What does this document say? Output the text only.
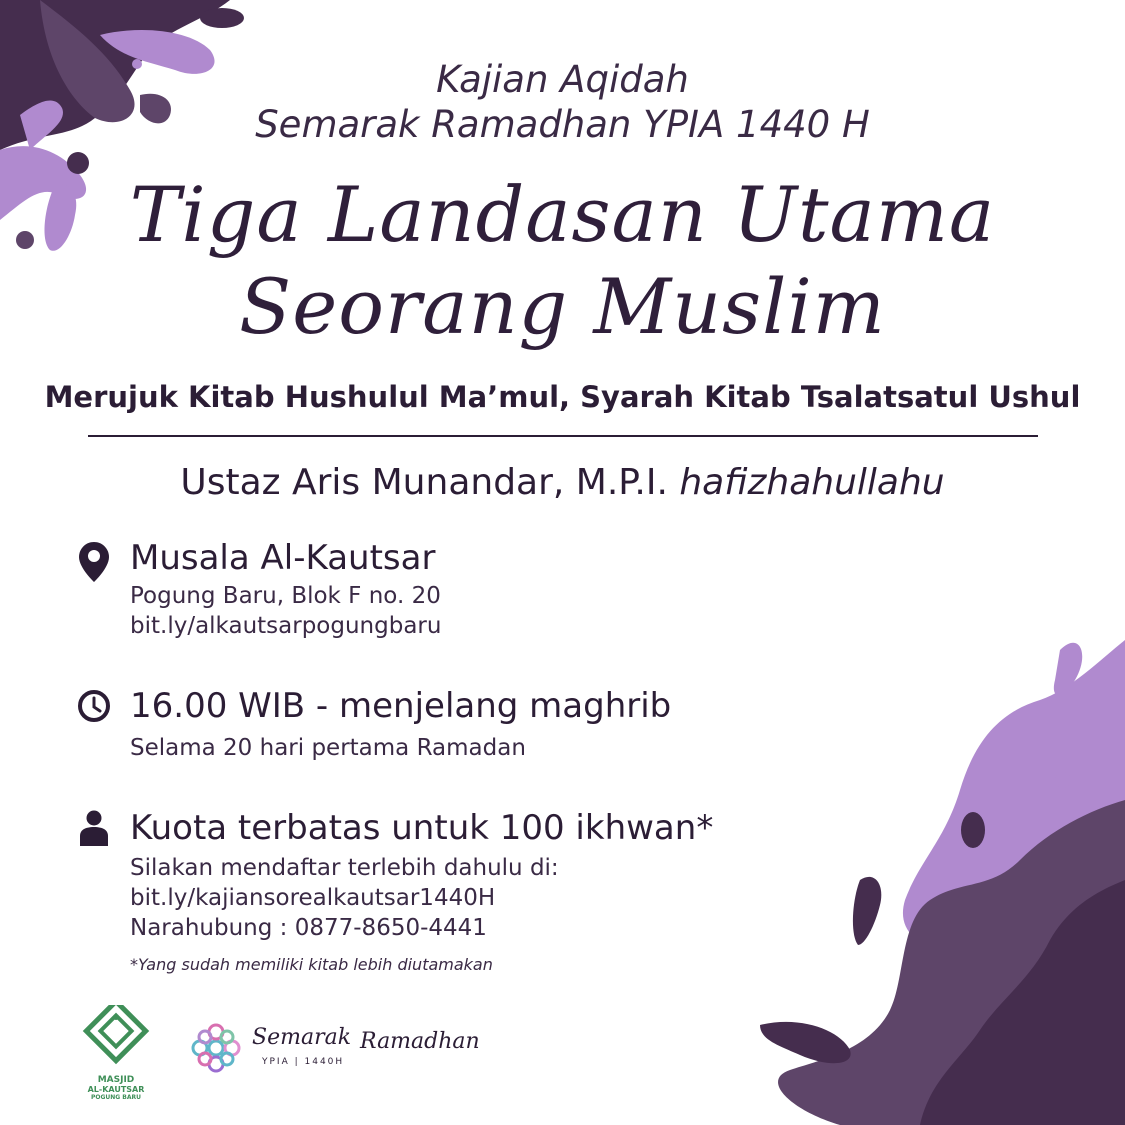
Kajian Aqidah
Semarak Ramadhan YPIA 1440 H
Tiga Landasan Utama
Seorang Muslim
Merujuk Kitab Hushulul Ma’mul, Syarah Kitab Tsalatsatul Ushul
Ustaz Aris Munandar, M.P.I. hafizhahullahu
Musala Al-Kautsar
Pogung Baru, Blok F no. 20
bit.ly/alkautsarpogungbaru
16.00 WIB - menjelang maghrib
Selama 20 hari pertama Ramadan
Kuota terbatas untuk 100 ikhwan*
Silakan mendaftar terlebih dahulu di:
bit.ly/kajiansorealkautsar1440H
Narahubung : 0877-8650-4441
*Yang sudah memiliki kitab lebih diutamakan
MASJID
AL-KAUTSAR
POGUNG BARU
Semarak Ramadhan
YPIA | 1440H
